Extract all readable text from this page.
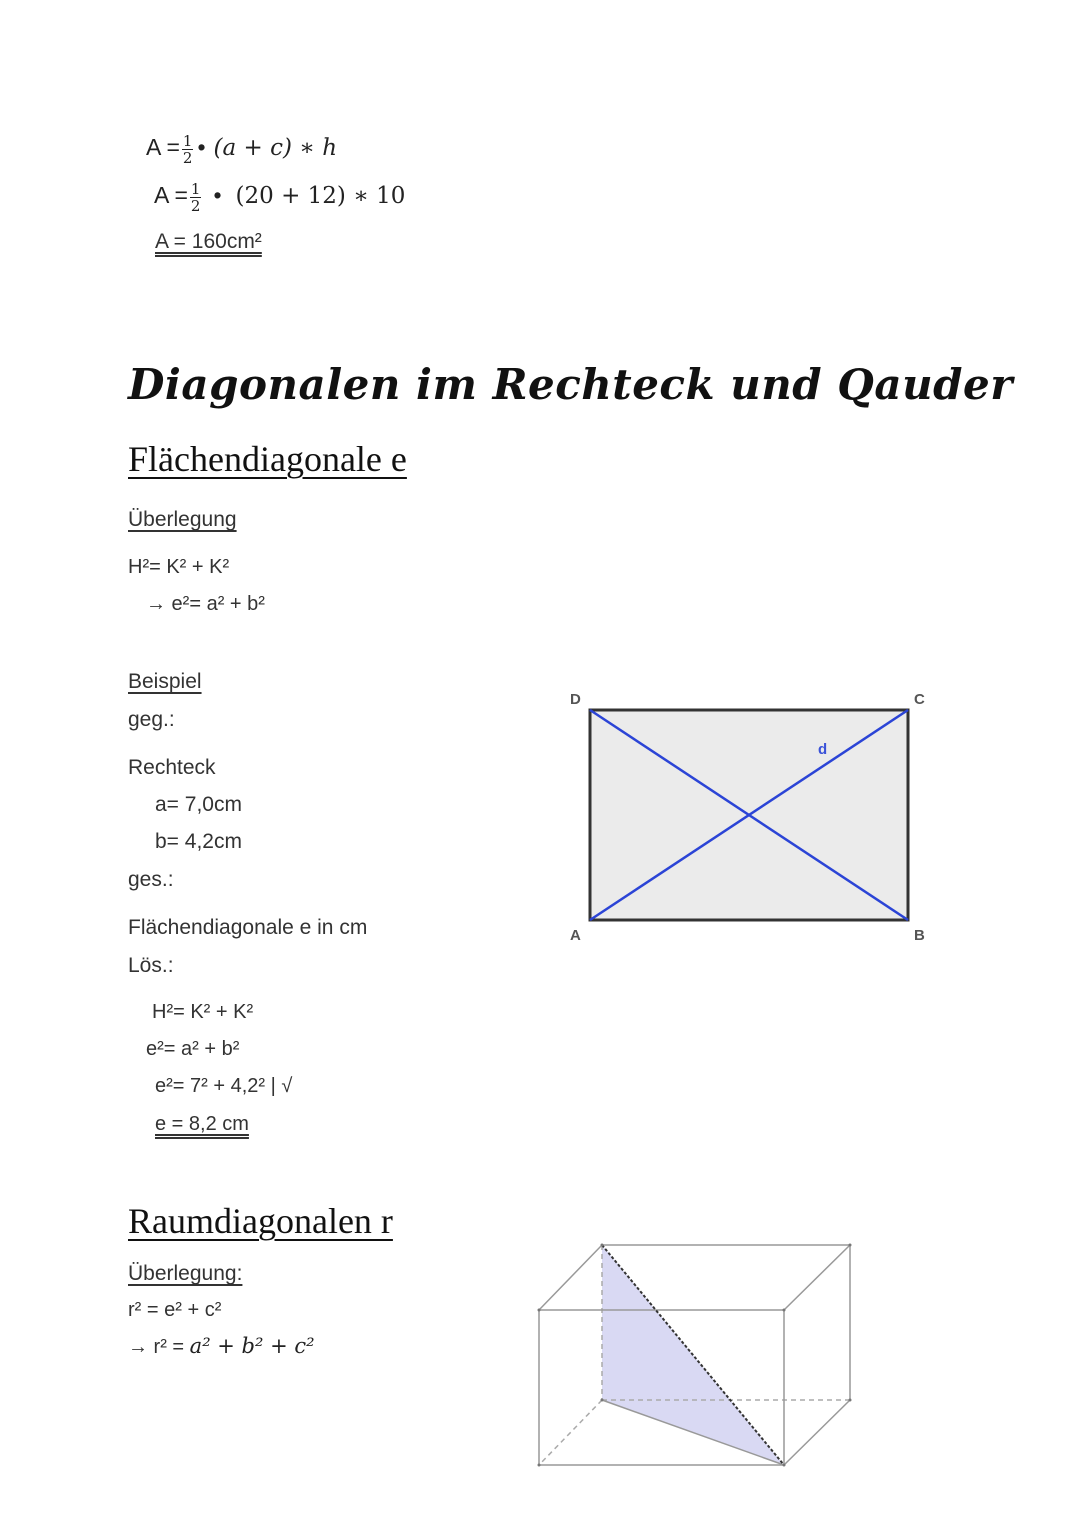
$A = \frac{1}{2}$ • (a + c) ∗ h
$A = \frac{1}{2}$ • (20 + 12) ∗ 10
A = 160cm²
Diagonalen im Rechteck und Qauder
Flächendiagonale e
Überlegung
H²= K² + K²
→ e²= a² + b²
Beispiel
geg.:
Rechteck
a= 7,0cm
b= 4,2cm
ges.:
Flächendiagonale e in cm
Lös.:
H²= K² + K²
e²= a² + b²
e²= 7² + 4,2² | √
e = 8,2 cm
D	C
A	B
d
Raumdiagonalen r
Überlegung:
r² = e² + c²
→ r² = a² + b² + c²
